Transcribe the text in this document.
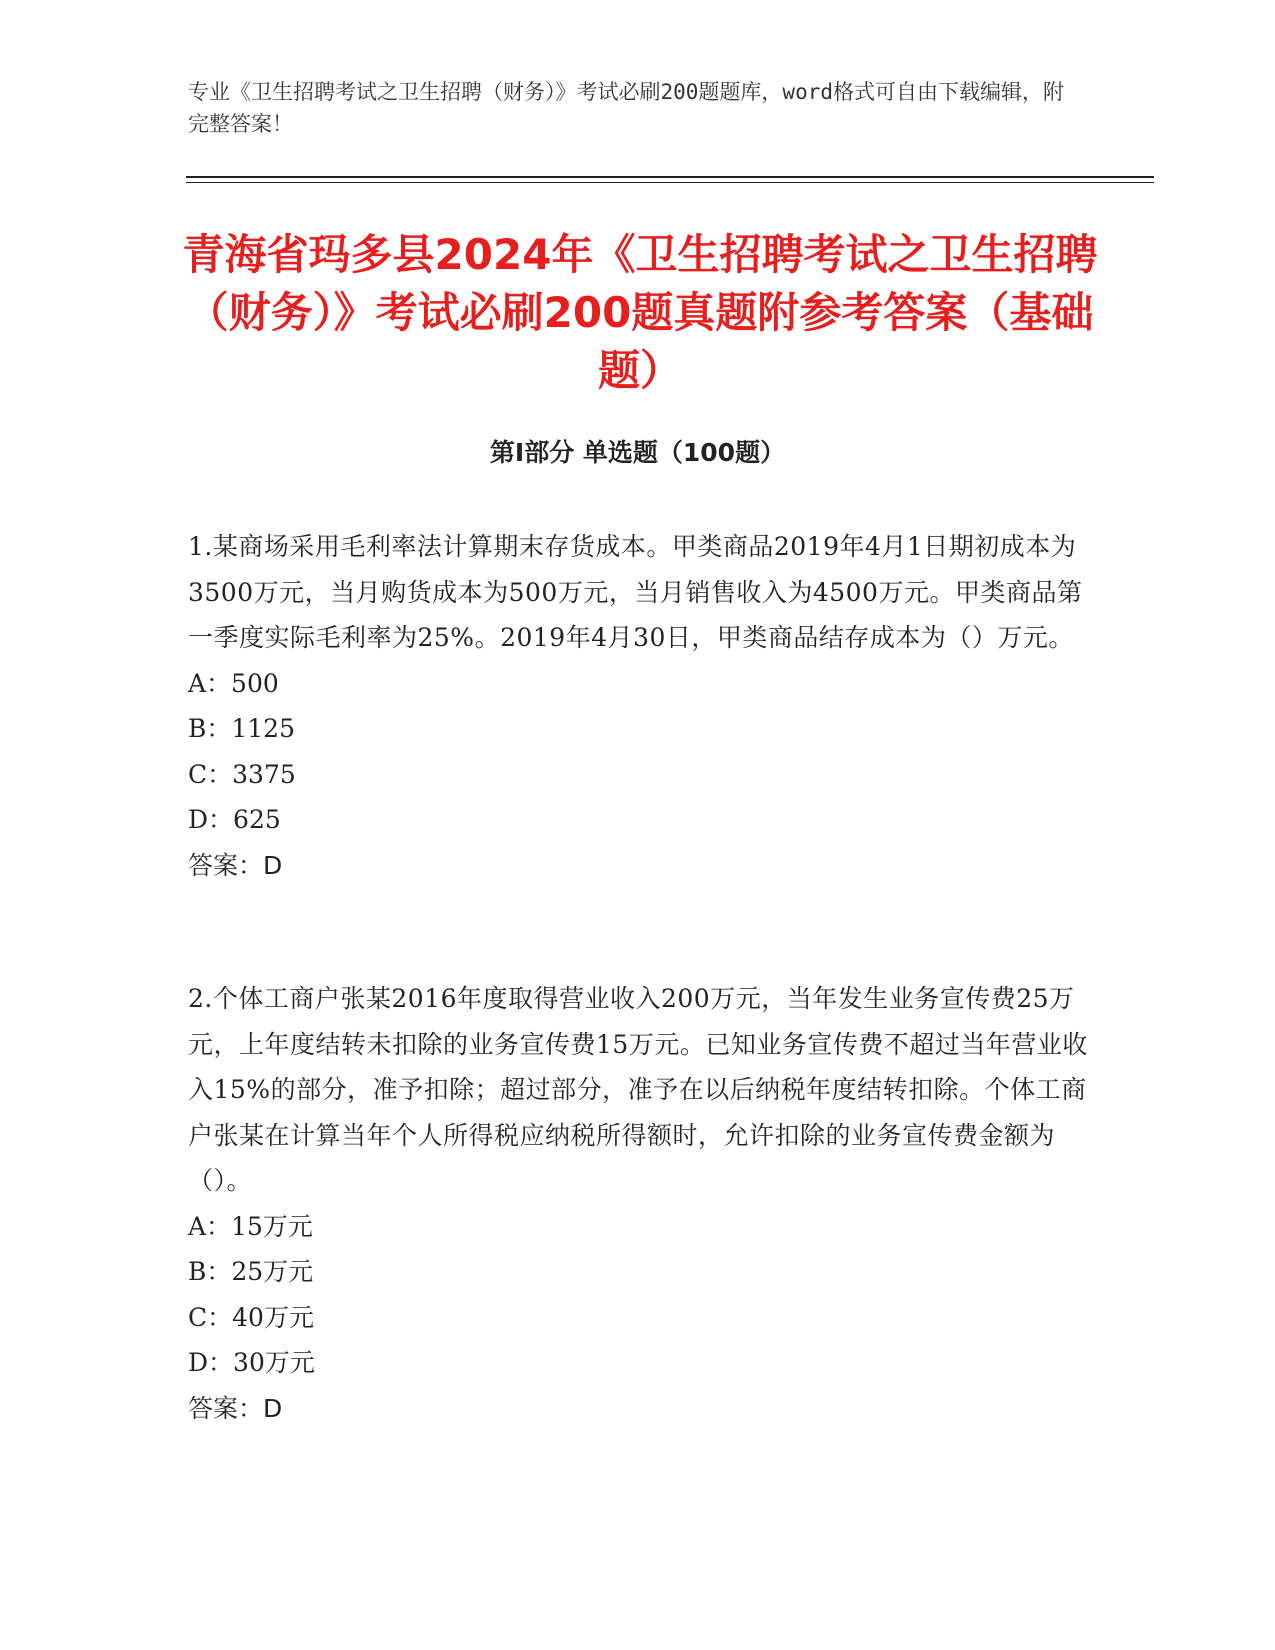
专业《卫生招聘考试之卫生招聘（财务）》考试必刷200题题库，word格式可自由下载编辑，附完整答案！
青海省玛多县2024年《卫生招聘考试之卫生招聘（财务）》考试必刷200题真题附参考答案（基础题）
第I部分 单选题（100题）
1.某商场采用毛利率法计算期末存货成本。甲类商品2019年4月1日期初成本为3500万元，当月购货成本为500万元，当月销售收入为4500万元。甲类商品第一季度实际毛利率为25%。2019年4月30日，甲类商品结存成本为（）万元。
A：500
B：1125
C：3375
D：625
答案：D
2.个体工商户张某2016年度取得营业收入200万元，当年发生业务宣传费25万元，上年度结转未扣除的业务宣传费15万元。已知业务宣传费不超过当年营业收入15%的部分，准予扣除；超过部分，准予在以后纳税年度结转扣除。个体工商户张某在计算当年个人所得税应纳税所得额时，允许扣除的业务宣传费金额为（）。
A：15万元
B：25万元
C：40万元
D：30万元
答案：D
